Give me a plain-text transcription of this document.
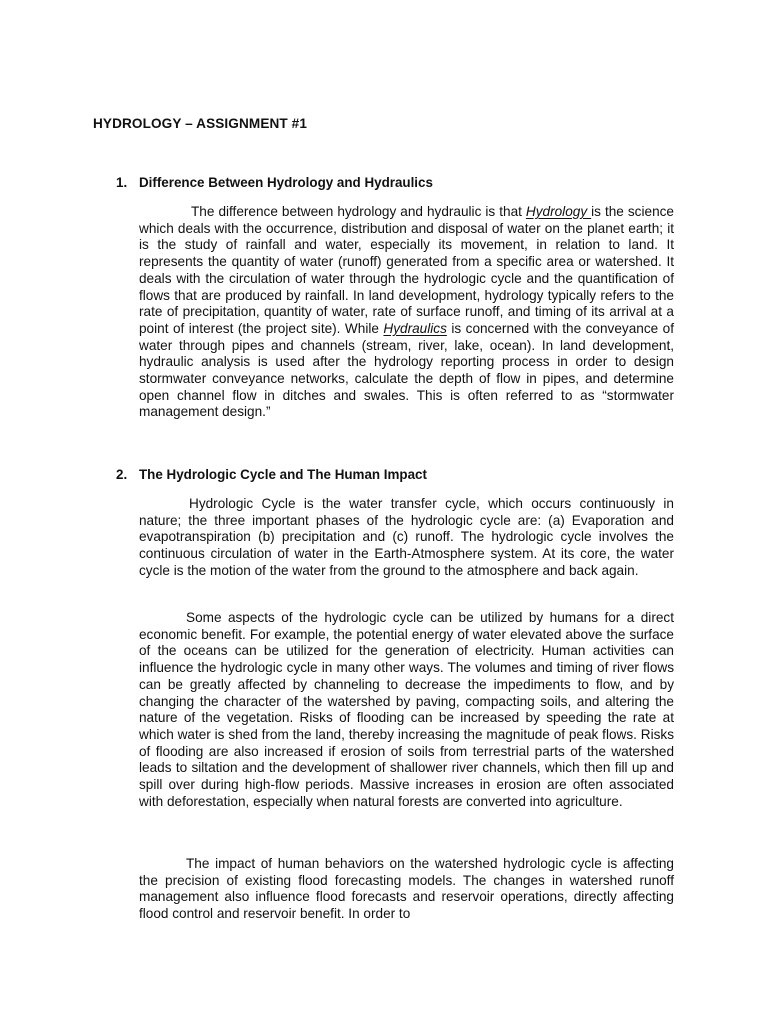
HYDROLOGY – ASSIGNMENT #1
1. Difference Between Hydrology and Hydraulics

The difference between hydrology and hydraulic is that Hydrology is the science which deals with the occurrence, distribution and disposal of water on the planet earth; it is the study of rainfall and water, especially its movement, in relation to land. It represents the quantity of water (runoff) generated from a specific area or watershed. It deals with the circulation of water through the hydrologic cycle and the quantification of flows that are produced by rainfall. In land development, hydrology typically refers to the rate of precipitation, quantity of water, rate of surface runoff, and timing of its arrival at a point of interest (the project site). While Hydraulics is concerned with the conveyance of water through pipes and channels (stream, river, lake, ocean). In land development, hydraulic analysis is used after the hydrology reporting process in order to design stormwater conveyance networks, calculate the depth of flow in pipes, and determine open channel flow in ditches and swales. This is often referred to as “stormwater management design.”

2. The Hydrologic Cycle and The Human Impact

Hydrologic Cycle is the water transfer cycle, which occurs continuously in nature; the three important phases of the hydrologic cycle are: (a) Evaporation and evapotranspiration (b) precipitation and (c) runoff. The hydrologic cycle involves the continuous circulation of water in the Earth-Atmosphere system. At its core, the water cycle is the motion of the water from the ground to the atmosphere and back again.

Some aspects of the hydrologic cycle can be utilized by humans for a direct economic benefit. For example, the potential energy of water elevated above the surface of the oceans can be utilized for the generation of electricity. Human activities can influence the hydrologic cycle in many other ways. The volumes and timing of river flows can be greatly affected by channeling to decrease the impediments to flow, and by changing the character of the watershed by paving, compacting soils, and altering the nature of the vegetation. Risks of flooding can be increased by speeding the rate at which water is shed from the land, thereby increasing the magnitude of peak flows. Risks of flooding are also increased if erosion of soils from terrestrial parts of the watershed leads to siltation and the development of shallower river channels, which then fill up and spill over during high-flow periods. Massive increases in erosion are often associated with deforestation, especially when natural forests are converted into agriculture.

The impact of human behaviors on the watershed hydrologic cycle is affecting the precision of existing flood forecasting models. The changes in watershed runoff management also influence flood forecasts and reservoir operations, directly affecting flood control and reservoir benefit. In order to
